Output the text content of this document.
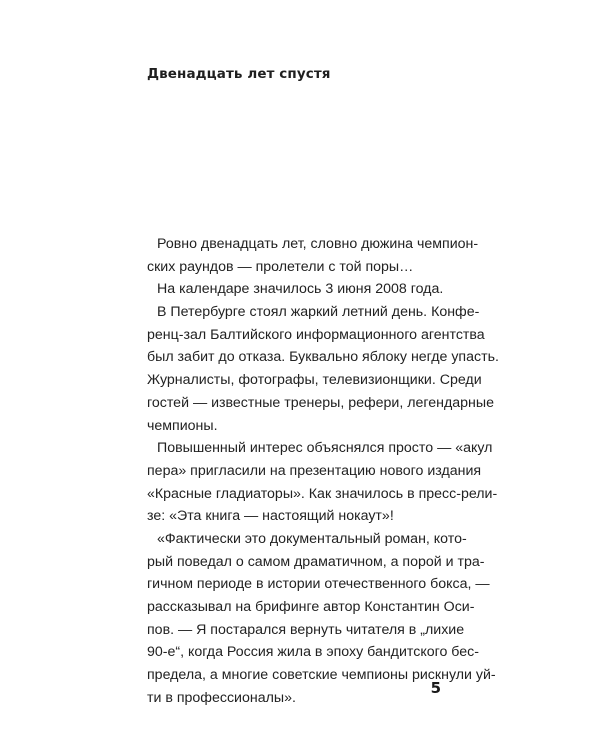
Двенадцать лет спустя
Ровно двенадцать лет, словно дюжина чемпион-
ских раундов — пролетели с той поры…
На календаре значилось 3 июня 2008 года.
В Петербурге стоял жаркий летний день. Конфе-
ренц-зал Балтийского информационного агентства
был забит до отказа. Буквально яблоку негде упасть.
Журналисты, фотографы, телевизионщики. Среди
гостей — известные тренеры, рефери, легендарные
чемпионы.
Повышенный интерес объяснялся просто — «акул
пера» пригласили на презентацию нового издания
«Красные гладиаторы». Как значилось в пресс-рели-
зе: «Эта книга — настоящий нокаут»!
«Фактически это документальный роман, кото-
рый поведал о самом драматичном, а порой и тра-
гичном периоде в истории отечественного бокса, —
рассказывал на брифинге автор Константин Оси-
пов. — Я постарался вернуть читателя в „лихие
90-е“, когда Россия жила в эпоху бандитского бес-
предела, а многие советские чемпионы рискнули уй-
ти в профессионалы».
5
